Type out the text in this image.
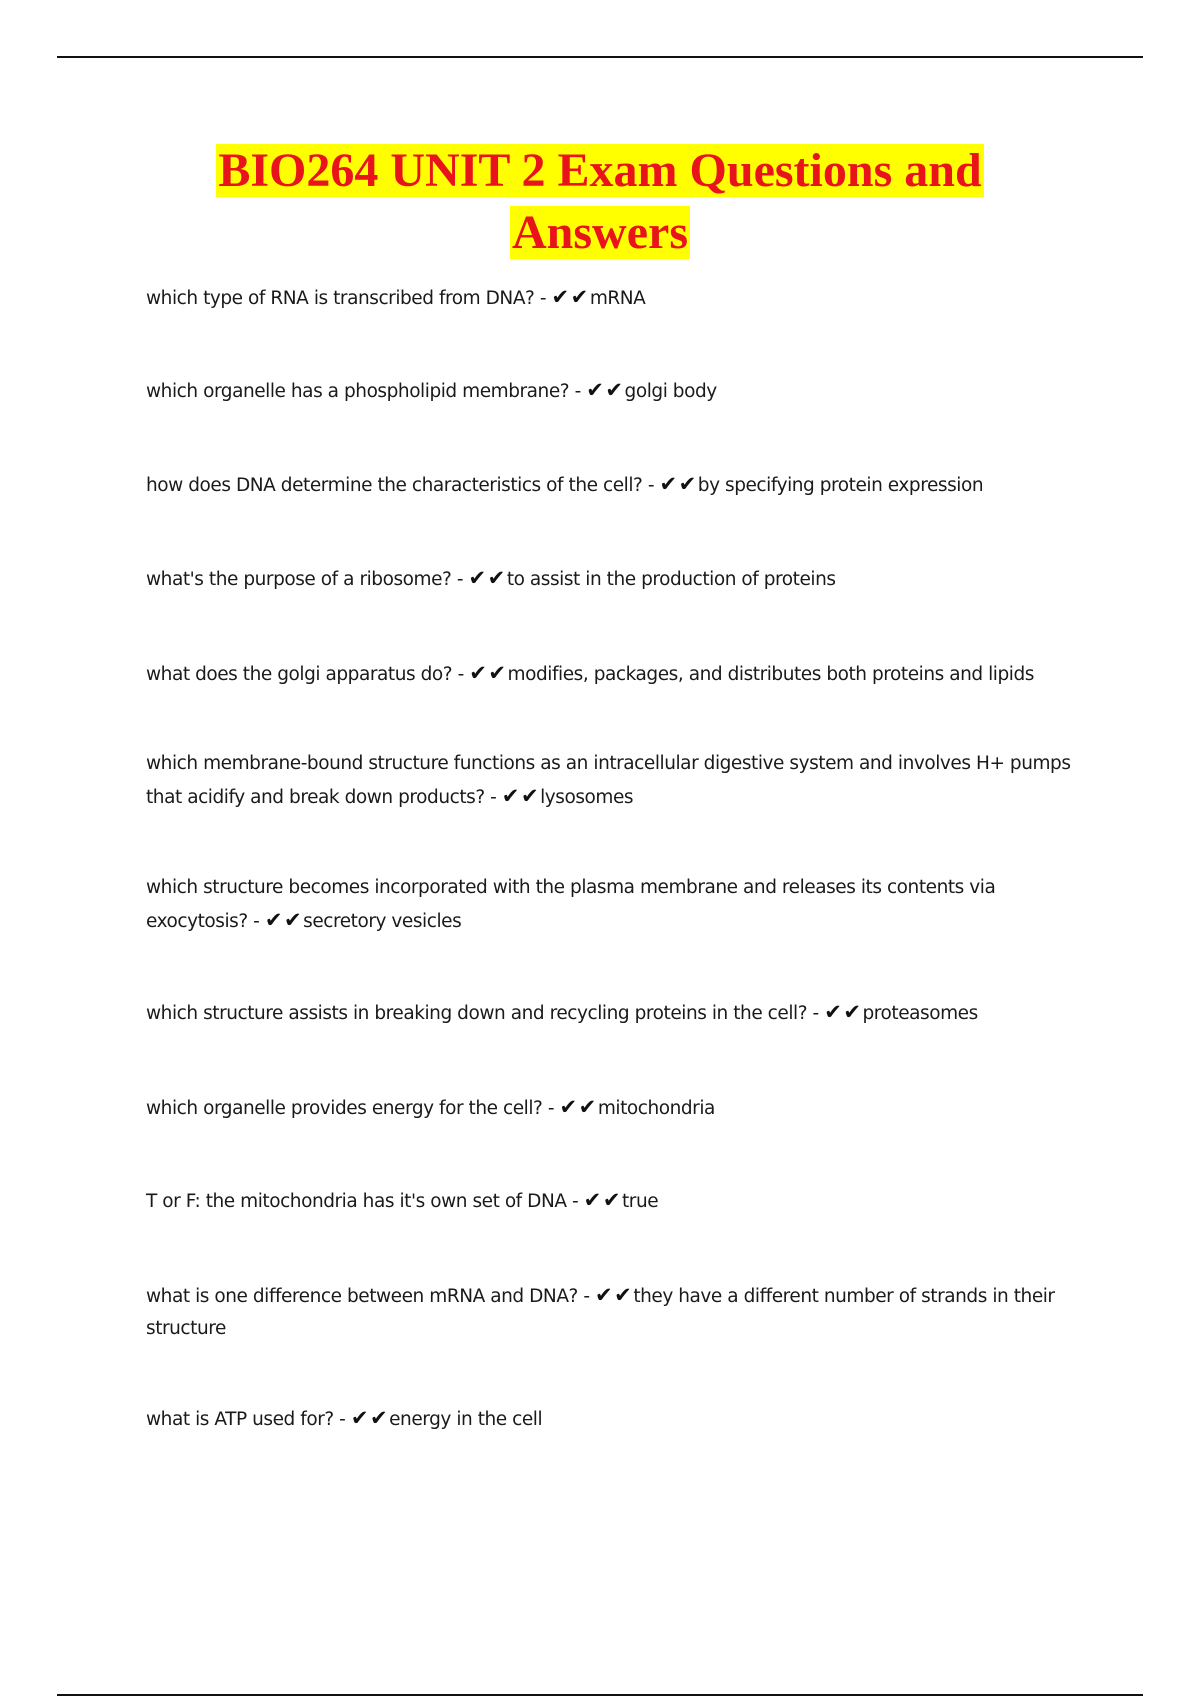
BIO264 UNIT 2 Exam Questions and
Answers
which type of RNA is transcribed from DNA? - ✔✔ mRNA
which organelle has a phospholipid membrane? - ✔✔ golgi body
how does DNA determine the characteristics of the cell? - ✔✔ by specifying protein expression
what's the purpose of a ribosome? - ✔✔ to assist in the production of proteins
what does the golgi apparatus do? - ✔✔ modifies, packages, and distributes both proteins and lipids
which membrane-bound structure functions as an intracellular digestive system and involves H+ pumps that acidify and break down products? - ✔✔ lysosomes
which structure becomes incorporated with the plasma membrane and releases its contents via exocytosis? - ✔✔ secretory vesicles
which structure assists in breaking down and recycling proteins in the cell? - ✔✔ proteasomes
which organelle provides energy for the cell? - ✔✔ mitochondria
T or F: the mitochondria has it's own set of DNA - ✔✔ true
what is one difference between mRNA and DNA? - ✔✔ they have a different number of strands in their structure
what is ATP used for? - ✔✔ energy in the cell
